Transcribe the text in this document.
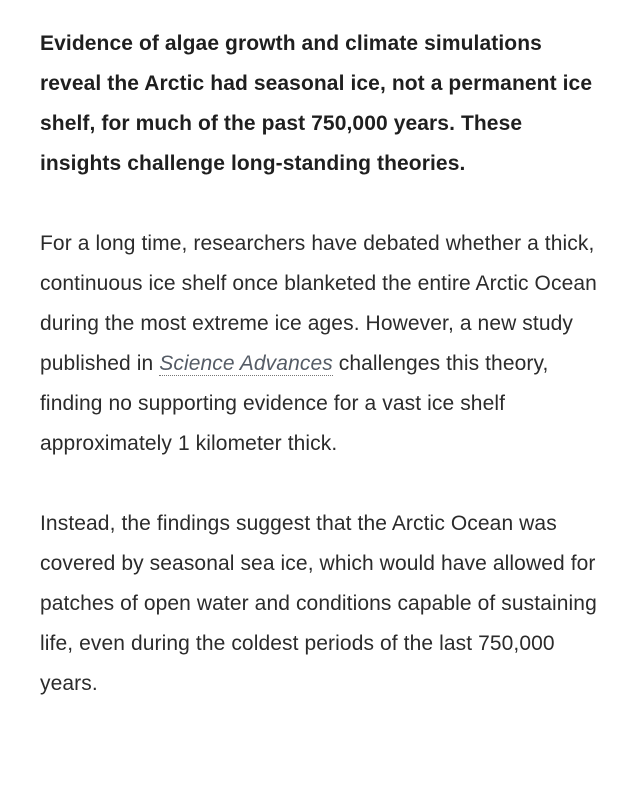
Evidence of algae growth and climate simulations reveal the Arctic had seasonal ice, not a permanent ice shelf, for much of the past 750,000 years. These insights challenge long-standing theories.

For a long time, researchers have debated whether a thick, continuous ice shelf once blanketed the entire Arctic Ocean during the most extreme ice ages. However, a new study published in Science Advances challenges this theory, finding no supporting evidence for a vast ice shelf approximately 1 kilometer thick.

Instead, the findings suggest that the Arctic Ocean was covered by seasonal sea ice, which would have allowed for patches of open water and conditions capable of sustaining life, even during the coldest periods of the last 750,000 years.
